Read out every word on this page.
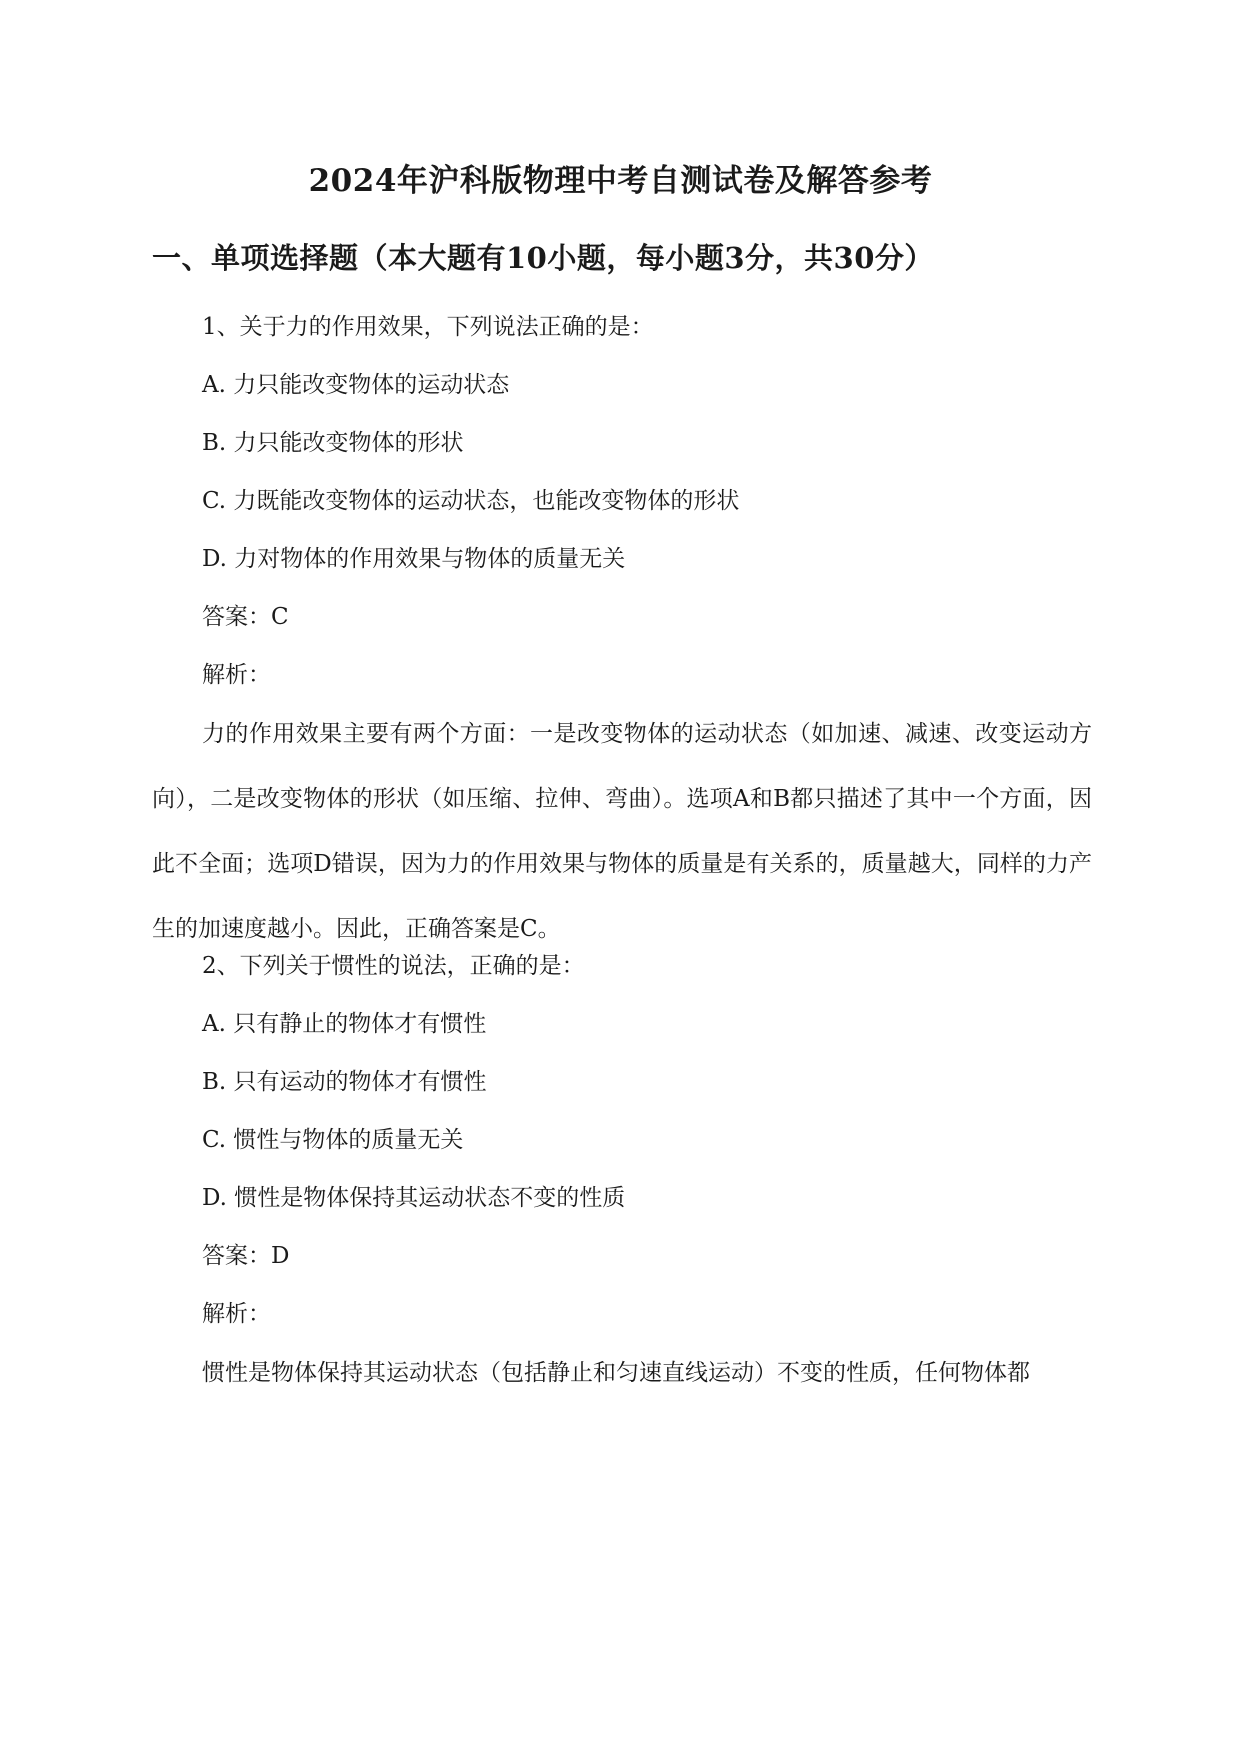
2024年沪科版物理中考自测试卷及解答参考
一、单项选择题（本大题有10小题，每小题3分，共30分）
1、关于力的作用效果，下列说法正确的是：
A. 力只能改变物体的运动状态
B. 力只能改变物体的形状
C. 力既能改变物体的运动状态，也能改变物体的形状
D. 力对物体的作用效果与物体的质量无关
答案：C
解析：
力的作用效果主要有两个方面：一是改变物体的运动状态（如加速、减速、改变运动方向），二是改变物体的形状（如压缩、拉伸、弯曲）。选项A和B都只描述了其中一个方面，因此不全面；选项D错误，因为力的作用效果与物体的质量是有关系的，质量越大，同样的力产生的加速度越小。因此，正确答案是C。
2、下列关于惯性的说法，正确的是：
A. 只有静止的物体才有惯性
B. 只有运动的物体才有惯性
C. 惯性与物体的质量无关
D. 惯性是物体保持其运动状态不变的性质
答案：D
解析：
惯性是物体保持其运动状态（包括静止和匀速直线运动）不变的性质，任何物体都
